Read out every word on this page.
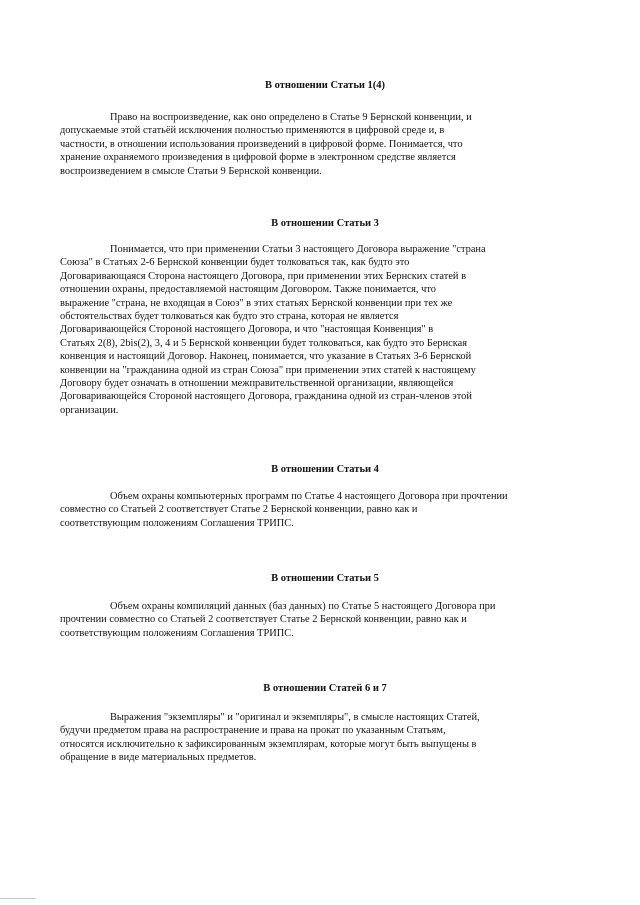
В отношении Статьи 1(4)

Право на воспроизведение, как оно определено в Статье 9 Бернской конвенции, и
допускаемые этой статьёй исключения полностью применяются в цифровой среде и, в
частности, в отношении использования произведений в цифровой форме. Понимается, что
хранение охраняемого произведения в цифровой форме в электронном средстве является
воспроизведением в смысле Статьи 9 Бернской конвенции.

В отношении Статьи 3

Понимается, что при применении Статьи 3 настоящего Договора выражение "страна
Союза" в Статьях 2-6 Бернской конвенции будет толковаться так, как будто это
Договаривающаяся Сторона настоящего Договора, при применении этих Бернских статей в
отношении охраны, предоставляемой настоящим Договором. Также понимается, что
выражение "страна, не входящая в Союз" в этих статьях Бернской конвенции при тех же
обстоятельствах будет толковаться как будто это страна, которая не является
Договаривающейся Стороной настоящего Договора, и что "настоящая Конвенция" в
Статьях 2(8), 2bis(2), 3, 4 и 5 Бернской конвенции будет толковаться, как будто это Бернская
конвенция и настоящий Договор. Наконец, понимается, что указание в Статьях 3-6 Бернской
конвенции на "гражданина одной из стран Союза" при применении этих статей к настоящему
Договору будет означать в отношении межправительственной организации, являющейся
Договаривающейся Стороной настоящего Договора, гражданина одной из стран-членов этой
организации.

В отношении Статьи 4

Объем охраны компьютерных программ по Статье 4 настоящего Договора при прочтении
совместно со Статьей 2 соответствует Статье 2 Бернской конвенции, равно как и
соответствующим положениям Соглашения ТРИПС.

В отношении Статьи 5

Объем охраны компиляций данных (баз данных) по Статье 5 настоящего Договора при
прочтении совместно со Статьей 2 соответствует Статье 2 Бернской конвенции, равно как и
соответствующим положениям Соглашения ТРИПС.

В отношении Статей 6 и 7

Выражения "экземпляры" и "оригинал и экземпляры", в смысле настоящих Статей,
будучи предметом права на распространение и права на прокат по указанным Статьям,
относятся исключительно к зафиксированным экземплярам, которые могут быть выпущены в
обращение в виде материальных предметов.
